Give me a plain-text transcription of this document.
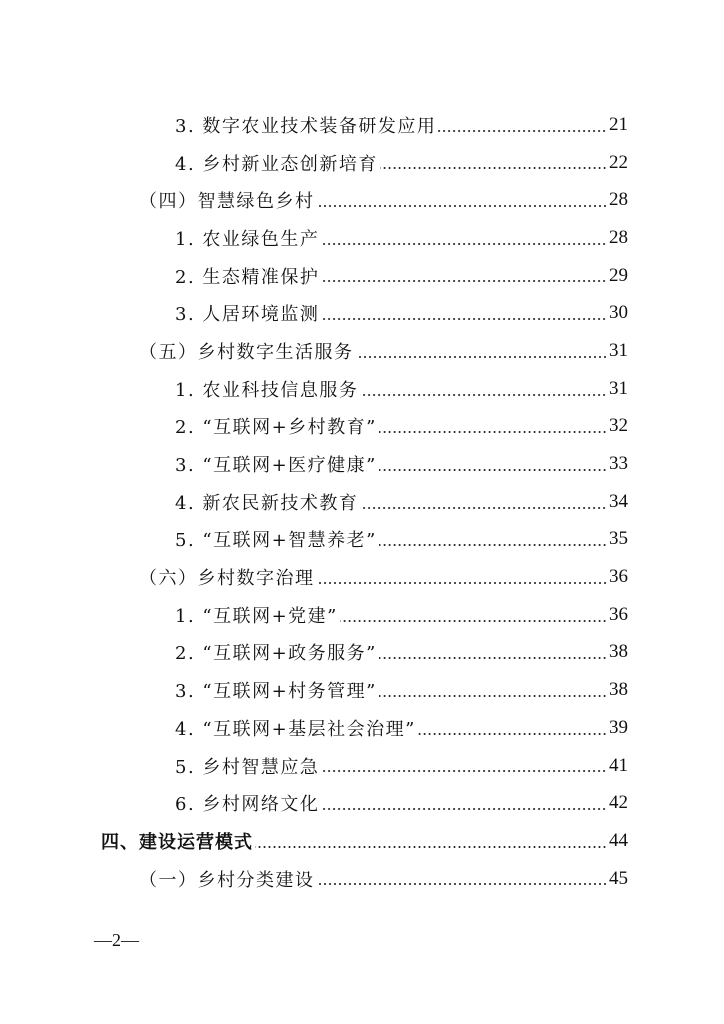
3. 数字农业技术装备研发应用	21
4. 乡村新业态创新培育	22
（四）智慧绿色乡村	28
1. 农业绿色生产	28
2. 生态精准保护	29
3. 人居环境监测	30
（五）乡村数字生活服务	31
1. 农业科技信息服务	31
2. “互联网+乡村教育”	32
3. “互联网+医疗健康”	33
4. 新农民新技术教育	34
5. “互联网+智慧养老”	35
（六）乡村数字治理	36
1. “互联网+党建”	36
2. “互联网+政务服务”	38
3. “互联网+村务管理”	38
4. “互联网+基层社会治理”	39
5. 乡村智慧应急	41
6. 乡村网络文化	42
四、建设运营模式	44
（一）乡村分类建设	45
—2—
